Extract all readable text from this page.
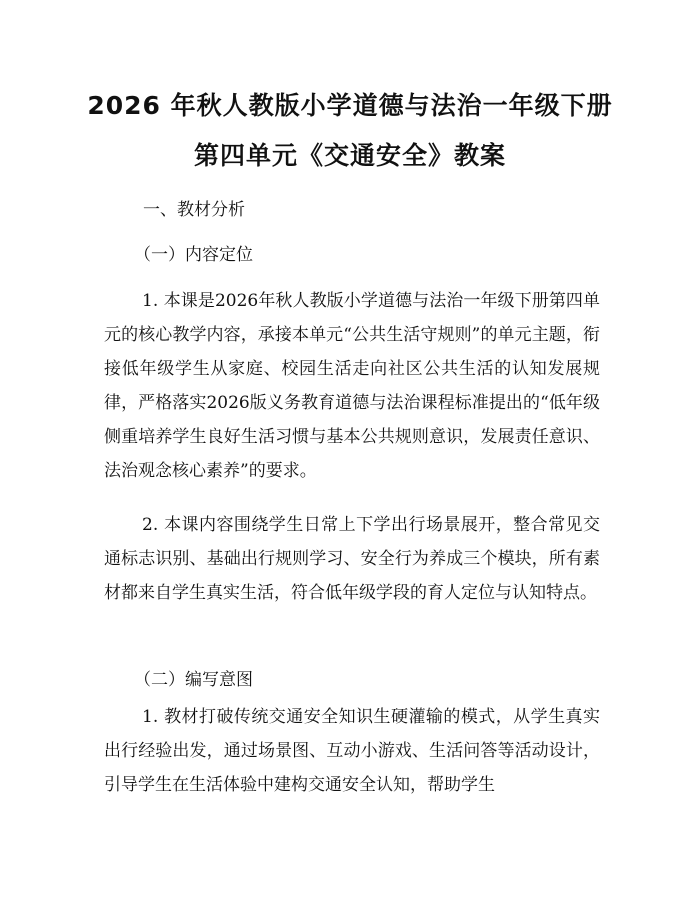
2026 年秋人教版小学道德与法治一年级下册
第四单元《交通安全》教案
一、教材分析
（一）内容定位

1. 本课是2026年秋人教版小学道德与法治一年级下册第四单元的核心教学内容，承接本单元“公共生活守规则”的单元主题，衔接低年级学生从家庭、校园生活走向社区公共生活的认知发展规律，严格落实2026版义务教育道德与法治课程标准提出的“低年级侧重培养学生良好生活习惯与基本公共规则意识，发展责任意识、法治观念核心素养”的要求。

2. 本课内容围绕学生日常上下学出行场景展开，整合常见交通标志识别、基础出行规则学习、安全行为养成三个模块，所有素材都来自学生真实生活，符合低年级学段的育人定位与认知特点。

（二）编写意图

1. 教材打破传统交通安全知识生硬灌输的模式，从学生真实出行经验出发，通过场景图、互动小游戏、生活问答等活动设计，引导学生在生活体验中建构交通安全认知，帮助学生
